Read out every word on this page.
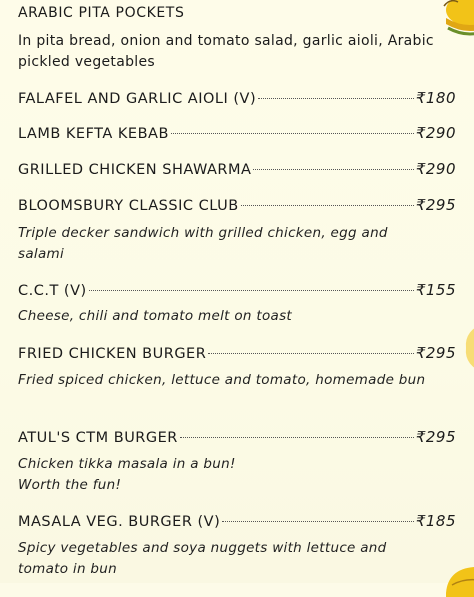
ARABIC PITA POCKETS

In pita bread, onion and tomato salad, garlic aioli, Arabic pickled vegetables

FALAFEL AND GARLIC AIOLI (V)	₹180
LAMB KEFTA KEBAB	₹290
GRILLED CHICKEN SHAWARMA	₹290
BLOOMSBURY CLASSIC CLUB	₹295

Triple decker sandwich with grilled chicken, egg and salami

C.C.T (V)	₹155

Cheese, chili and tomato melt on toast

FRIED CHICKEN BURGER	₹295

Fried spiced chicken, lettuce and tomato, homemade bun

ATUL'S CTM BURGER	₹295

Chicken tikka masala in a bun! Worth the fun!

MASALA VEG. BURGER (V)	₹185

Spicy vegetables and soya nuggets with lettuce and tomato in bun
